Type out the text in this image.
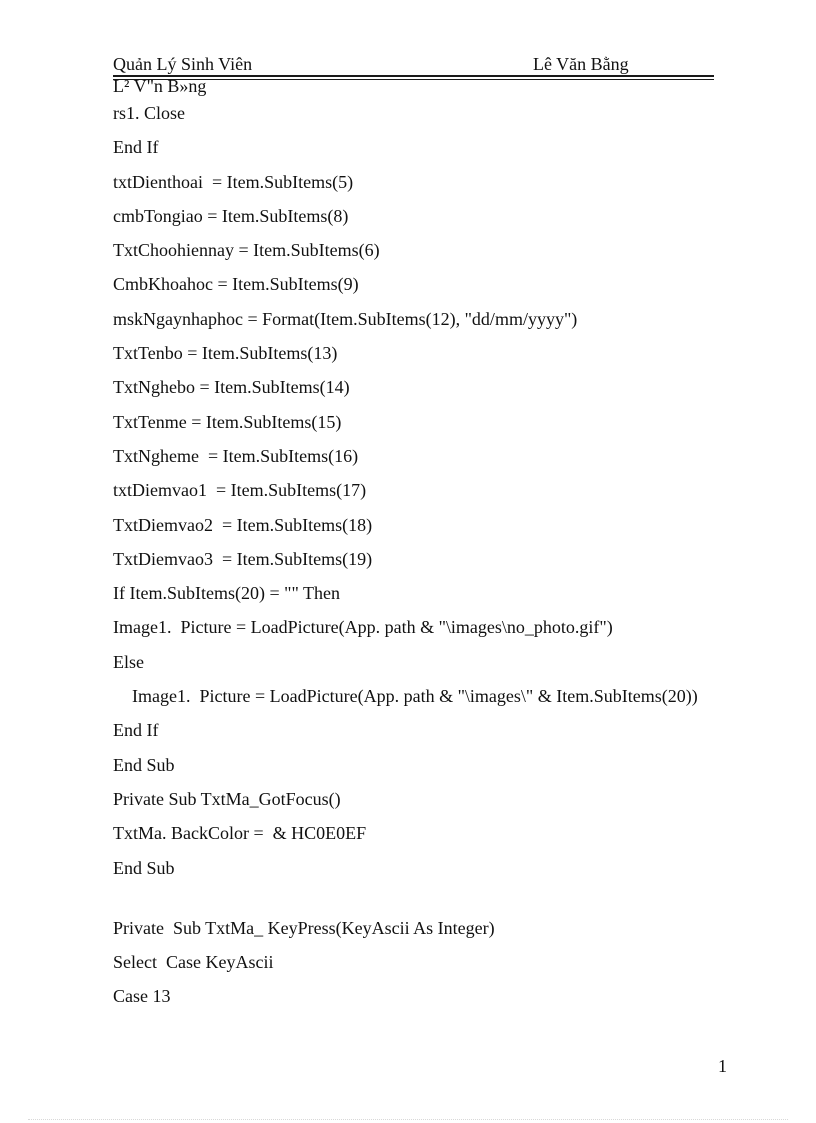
Quản Lý Sinh Viên	Lê Văn Bằng
L² V"n B»ng
rs1. Close
End If
txtDienthoai  = Item.SubItems(5)
cmbTongiao = Item.SubItems(8)
TxtChoohiennay = Item.SubItems(6)
CmbKhoahoc = Item.SubItems(9)
mskNgaynhaphoc = Format(Item.SubItems(12), "dd/mm/yyyy")
TxtTenbo = Item.SubItems(13)
TxtNghebo = Item.SubItems(14)
TxtTenme = Item.SubItems(15)
TxtNgheme  = Item.SubItems(16)
txtDiemvao1  = Item.SubItems(17)
TxtDiemvao2  = Item.SubItems(18)
TxtDiemvao3  = Item.SubItems(19)
If Item.SubItems(20) = "" Then
Image1.  Picture = LoadPicture(App. path & "\images\no_photo.gif")
Else
Image1.  Picture = LoadPicture(App. path & "\images\" & Item.SubItems(20))
End If
End Sub
Private Sub TxtMa_GotFocus()
TxtMa. BackColor =  & HC0E0EF
End Sub
Private  Sub TxtMa_ KeyPress(KeyAscii As Integer)
Select  Case KeyAscii
Case 13
1
